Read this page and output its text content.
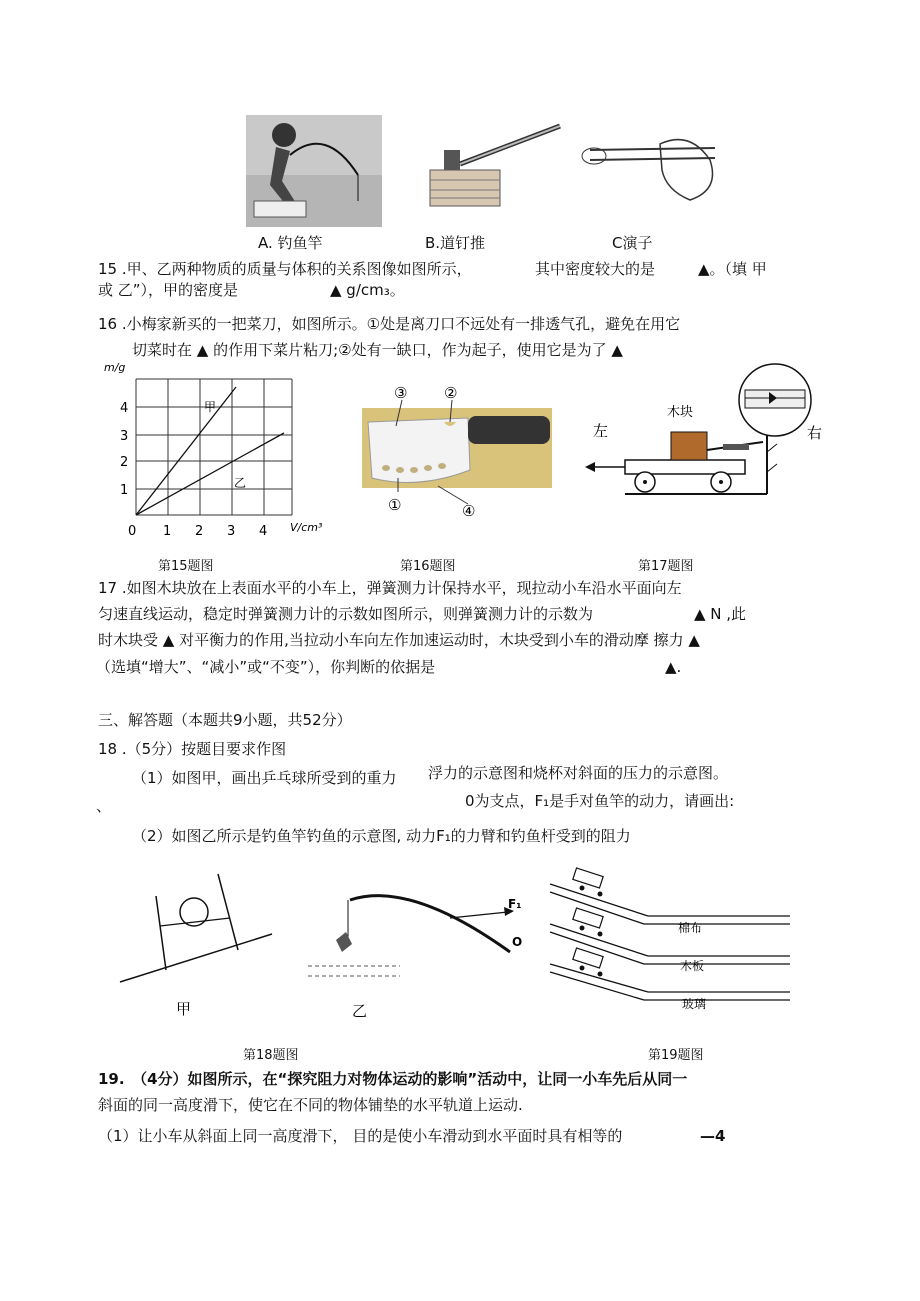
A. 钓鱼竿	B.道钉推	C演子
15 .甲、乙两种物质的质量与体积的关系图像如图所示，	其中密度较大的是	▲。（填 甲
或 乙”），甲的密度是	▲ g/cm₃。
16 .小梅家新买的一把菜刀，如图所示。①处是离刀口不远处有一排透气孔，避免在用它
切菜时在 ▲ 的作用下菜片粘刀;②处有一缺口，作为起子，使用它是为了 ▲
m/g
V/cm³
4
3
2
1
0 1 2 3 4
甲
乙
③ ②
①	④
左	右
木块
第15题图	第16题图	第17题图
17 .如图木块放在上表面水平的小车上，弹簧测力计保持水平，现拉动小车沿水平面向左
匀速直线运动，稳定时弹簧测力计的示数如图所示，则弹簧测力计的示数为	▲ N ,此
时木块受 ▲ 对平衡力的作用,当拉动小车向左作加速运动时，木块受到小车的滑动摩 擦力 ▲
（选填“增大”、“减小”或“不变”），你判断的依据是	▲.
三、解答题（本题共9小题，共52分）
18 .（5分）按题目要求作图
（1）如图甲，画出乒乓球所受到的重力 浮力的示意图和烧杯对斜面的压力的示意图。
、	0为支点，F₁是手对鱼竿的动力，请画出:
（2）如图乙所示是钓鱼竿钓鱼的示意图, 动力F₁的力臂和钓鱼杆受到的阻力
甲
F₁
O
乙
棉布
木板
玻璃
第18题图	第19题图
19.　（4分）如图所示，在“探究阻力对物体运动的影响”活动中，让同一小车先后从同一
斜面的同一高度滑下，使它在不同的物体铺垫的水平轨道上运动.
（1）让小车从斜面上同一高度滑下， 目的是使小车滑动到水平面时具有相等的	—4
